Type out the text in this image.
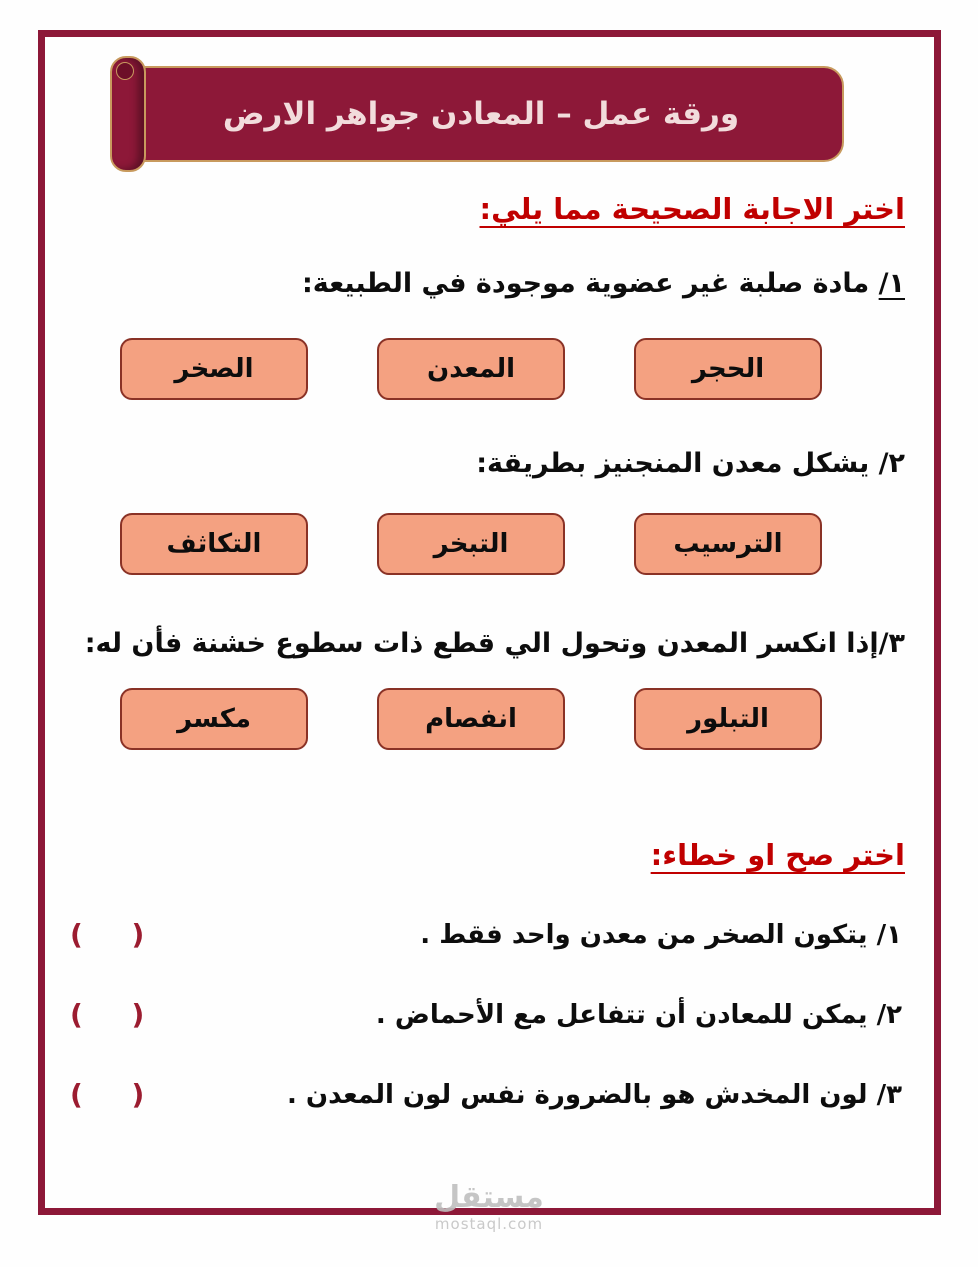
ورقة عمل – المعادن جواهر الارض
اختر الاجابة الصحيحة مما يلي:
١/ مادة صلبة غير عضوية موجودة في الطبيعة:
الحجر
المعدن
الصخر
٢/ يشكل معدن المنجنيز بطريقة:
الترسيب
التبخر
التكاثف
٣/إذا انكسر المعدن وتحول الي قطع ذات سطوع خشنة فأن له:
التبلور
انفصام
مكسر
اختر صح او خطاء:
١/ يتكون الصخر من معدن واحد فقط .
(     )
٢/ يمكن للمعادن أن تتفاعل مع الأحماض .
(     )
٣/ لون المخدش هو بالضرورة نفس لون المعدن .
(     )
مستقل
mostaql.com
